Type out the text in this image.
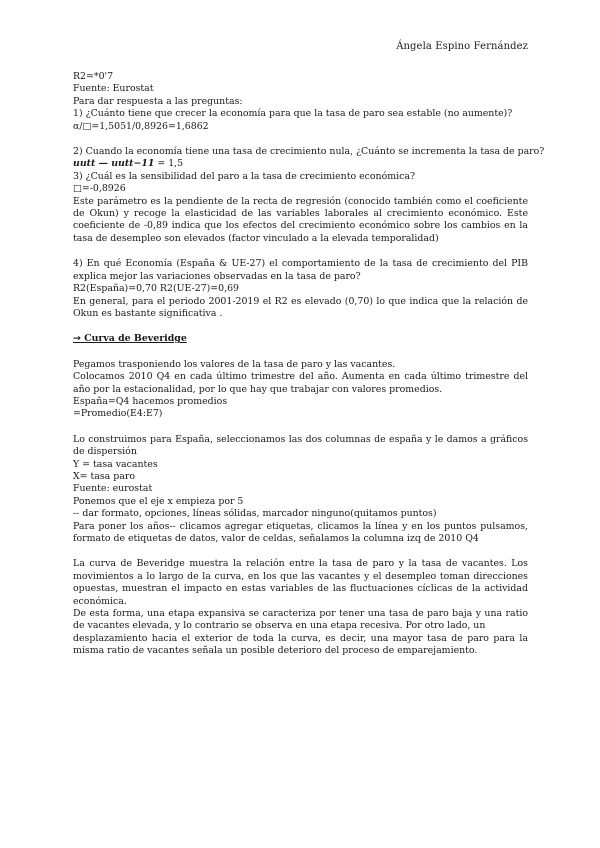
Ángela Espino Fernández
R2=*0'7
Fuente: Eurostat
Para dar respuesta a las preguntas:
1) ¿Cuánto tiene que crecer la economía para que la tasa de paro sea estable (no aumente)?
α/□=1,5051/0,8926=1,6862
2) Cuando la economía tiene una tasa de crecimiento nula, ¿Cuánto se incrementa la tasa de paro?
uutt — uutt−11 = 1,5
3) ¿Cuál es la sensibilidad del paro a la tasa de crecimiento económica?
□=-0,8926
Este parámetro es la pendiente de la recta de regresión (conocido también como el coeficiente de Okun) y recoge la elasticidad de las variables laborales al crecimiento económico. Este coeficiente de -0,89 indica que los efectos del crecimiento económico sobre los cambios en la tasa de desempleo son elevados (factor vinculado a la elevada temporalidad)
4) En qué Economía (España & UE-27) el comportamiento de la tasa de crecimiento del PIB explica mejor las variaciones observadas en la tasa de paro?
R2(España)=0,70 R2(UE-27)=0,69
En general, para el periodo 2001-2019 el R2 es elevado (0,70) lo que indica que la relación de Okun es bastante significativa .
→ Curva de Beveridge
Pegamos trasponiendo los valores de la tasa de paro y las vacantes.
Colocamos 2010 Q4 en cada último trimestre del año. Aumenta en cada último trimestre del año por la estacionalidad, por lo que hay que trabajar con valores promedios.
España=Q4 hacemos promedios
=Promedio(E4:E7)
Lo construimos para España, seleccionamos las dos columnas de españa y le damos a gráficos de dispersión
Y = tasa vacantes
X= tasa paro
Fuente: eurostat
Ponemos que el eje x empieza por 5
-- dar formato, opciones, líneas sólidas, marcador ninguno(quitamos puntos)
Para poner los años-- clicamos agregar etiquetas, clicamos la línea y en los puntos pulsamos, formato de etiquetas de datos, valor de celdas, señalamos la columna izq de 2010 Q4
La curva de Beveridge muestra la relación entre la tasa de paro y la tasa de vacantes. Los movimientos a lo largo de la curva, en los que las vacantes y el desempleo toman direcciones opuestas, muestran el impacto en estas variables de las fluctuaciones cíclicas de la actividad económica.
De esta forma, una etapa expansiva se caracteriza por tener una tasa de paro baja y una ratio de vacantes elevada, y lo contrario se observa en una etapa recesiva. Por otro lado, un
desplazamiento hacia el exterior de toda la curva, es decir, una mayor tasa de paro para la misma ratio de vacantes señala un posible deterioro del proceso de emparejamiento.
